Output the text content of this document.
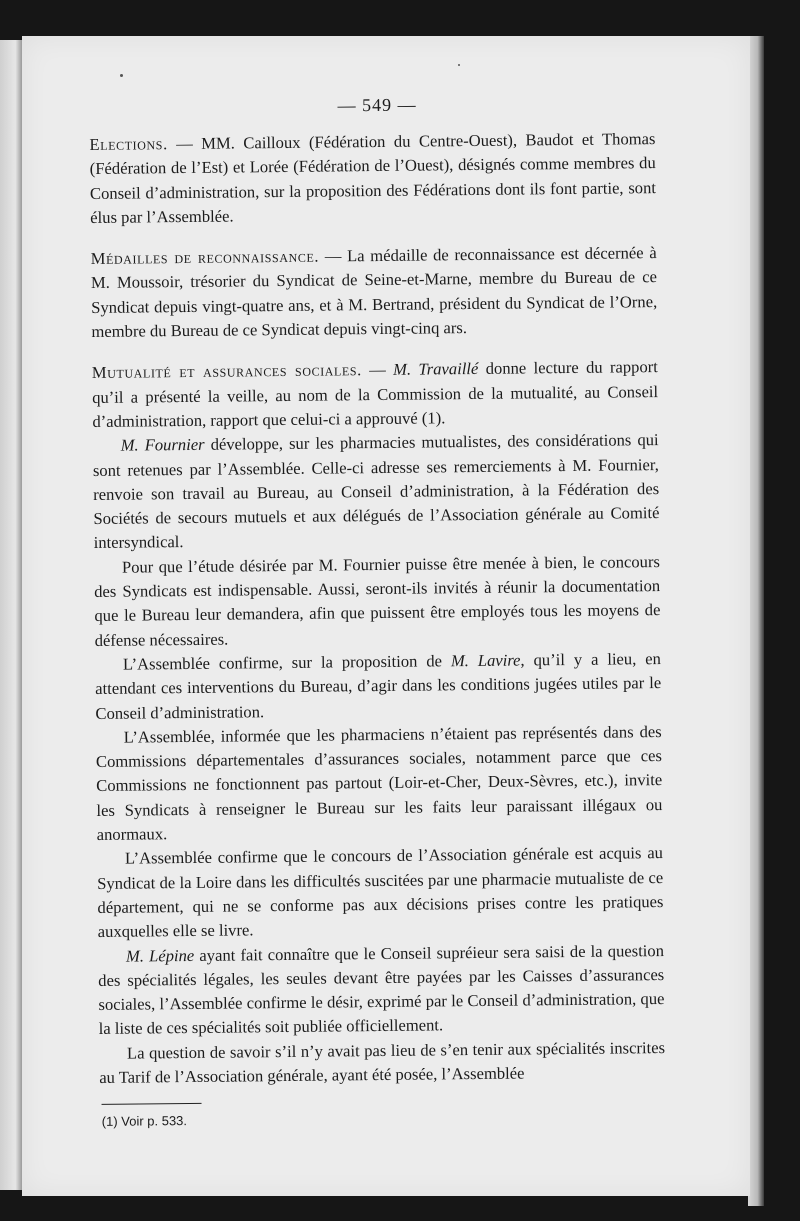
— 549 —

Elections. — MM. Cailloux (Fédération du Centre-Ouest), Baudot et Thomas (Fédération de l’Est) et Lorée (Fédération de l’Ouest), désignés comme membres du Conseil d’administration, sur la proposition des Fédérations dont ils font partie, sont élus par l’Assemblée.

Médailles de reconnaissance. — La médaille de reconnaissance est décernée à M. Moussoir, trésorier du Syndicat de Seine-et-Marne, membre du Bureau de ce Syndicat depuis vingt-quatre ans, et à M. Bertrand, président du Syndicat de l’Orne, membre du Bureau de ce Syndicat depuis vingt-cinq ars.

Mutualité et assurances sociales. — M. Travaillé donne lecture du rapport qu’il a présenté la veille, au nom de la Commission de la mutualité, au Conseil d’administration, rapport que celui-ci a approuvé (1).

M. Fournier développe, sur les pharmacies mutualistes, des considérations qui sont retenues par l’Assemblée. Celle-ci adresse ses remerciements à M. Fournier, renvoie son travail au Bureau, au Conseil d’administration, à la Fédération des Sociétés de secours mutuels et aux délégués de l’Association générale au Comité intersyndical.

Pour que l’étude désirée par M. Fournier puisse être menée à bien, le concours des Syndicats est indispensable. Aussi, seront-ils invités à réunir la documentation que le Bureau leur demandera, afin que puissent être employés tous les moyens de défense nécessaires.

L’Assemblée confirme, sur la proposition de M. Lavire, qu’il y a lieu, en attendant ces interventions du Bureau, d’agir dans les conditions jugées utiles par le Conseil d’administration.

L’Assemblée, informée que les pharmaciens n’étaient pas représentés dans des Commissions départementales d’assurances sociales, notamment parce que ces Commissions ne fonctionnent pas partout (Loir-et-Cher, Deux-Sèvres, etc.), invite les Syndicats à renseigner le Bureau sur les faits leur paraissant illégaux ou anormaux.

L’Assemblée confirme que le concours de l’Association générale est acquis au Syndicat de la Loire dans les difficultés suscitées par une pharmacie mutualiste de ce département, qui ne se conforme pas aux décisions prises contre les pratiques auxquelles elle se livre.

M. Lépine ayant fait connaître que le Conseil supréieur sera saisi de la question des spécialités légales, les seules devant être payées par les Caisses d’assurances sociales, l’Assemblée confirme le désir, exprimé par le Conseil d’administration, que la liste de ces spécialités soit publiée officiellement.

La question de savoir s’il n’y avait pas lieu de s’en tenir aux spécialités inscrites au Tarif de l’Association générale, ayant été posée, l’Assemblée

(1) Voir p. 533.
